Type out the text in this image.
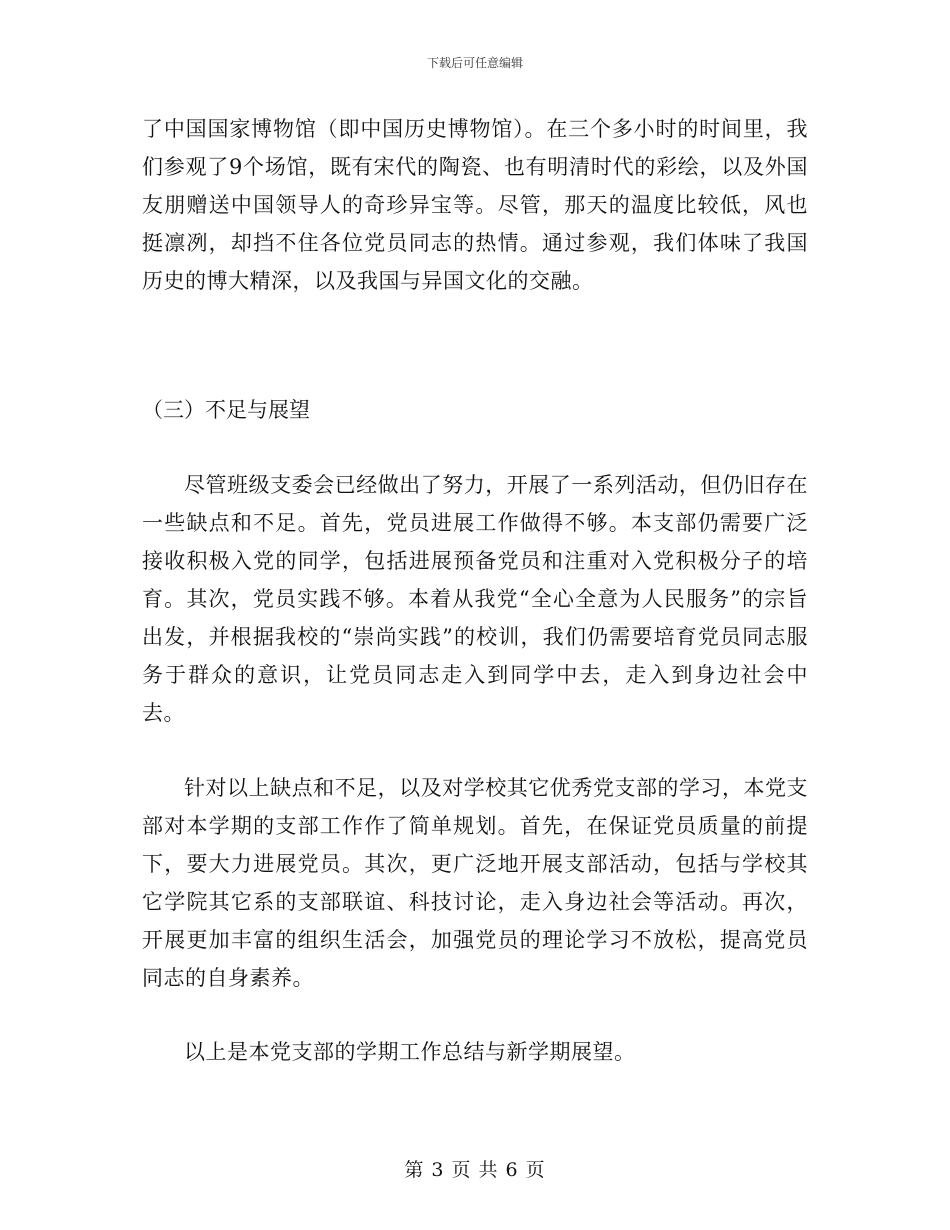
下载后可任意编辑

了中国国家博物馆（即中国历史博物馆）。在三个多小时的时间里，我们参观了9个场馆，既有宋代的陶瓷、也有明清时代的彩绘，以及外国友朋赠送中国领导人的奇珍异宝等。尽管，那天的温度比较低，风也挺凛冽，却挡不住各位党员同志的热情。通过参观，我们体味了我国历史的博大精深，以及我国与异国文化的交融。

（三）不足与展望

尽管班级支委会已经做出了努力，开展了一系列活动，但仍旧存在一些缺点和不足。首先，党员进展工作做得不够。本支部仍需要广泛接收积极入党的同学，包括进展预备党员和注重对入党积极分子的培育。其次，党员实践不够。本着从我党“全心全意为人民服务”的宗旨出发，并根据我校的“崇尚实践”的校训，我们仍需要培育党员同志服务于群众的意识，让党员同志走入到同学中去，走入到身边社会中去。

针对以上缺点和不足，以及对学校其它优秀党支部的学习，本党支部对本学期的支部工作作了简单规划。首先，在保证党员质量的前提下，要大力进展党员。其次，更广泛地开展支部活动，包括与学校其它学院其它系的支部联谊、科技讨论，走入身边社会等活动。再次，开展更加丰富的组织生活会，加强党员的理论学习不放松，提高党员同志的自身素养。

以上是本党支部的学期工作总结与新学期展望。

第 3 页 共 6 页
